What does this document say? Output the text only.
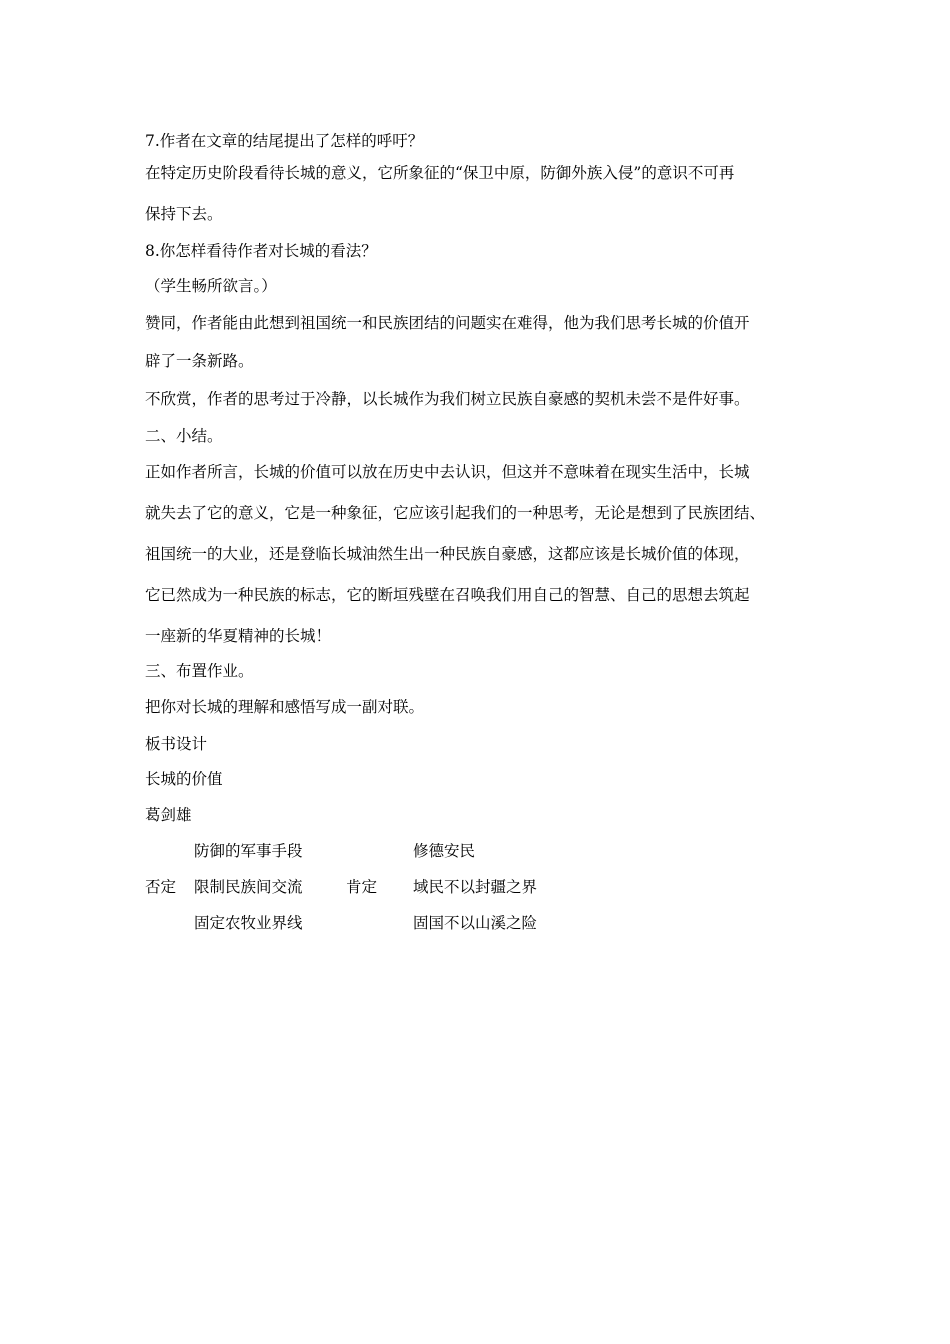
7.作者在文章的结尾提出了怎样的呼吁？
在特定历史阶段看待长城的意义，它所象征的“保卫中原，防御外族入侵”的意识不可再
保持下去。
8.你怎样看待作者对长城的看法？
（学生畅所欲言。）
赞同，作者能由此想到祖国统一和民族团结的问题实在难得，他为我们思考长城的价值开
辟了一条新路。
不欣赏，作者的思考过于冷静，以长城作为我们树立民族自豪感的契机未尝不是件好事。
二、小结。
正如作者所言，长城的价值可以放在历史中去认识，但这并不意味着在现实生活中，长城
就失去了它的意义，它是一种象征，它应该引起我们的一种思考，无论是想到了民族团结、
祖国统一的大业，还是登临长城油然生出一种民族自豪感，这都应该是长城价值的体现，
它已然成为一种民族的标志，它的断垣残壁在召唤我们用自己的智慧、自己的思想去筑起
一座新的华夏精神的长城！
三、布置作业。
把你对长城的理解和感悟写成一副对联。
板书设计
长城的价值
葛剑雄
防御的军事手段
否定 限制民族间交流
固定农牧业界线
肯定
修德安民
域民不以封疆之界
固国不以山溪之险
